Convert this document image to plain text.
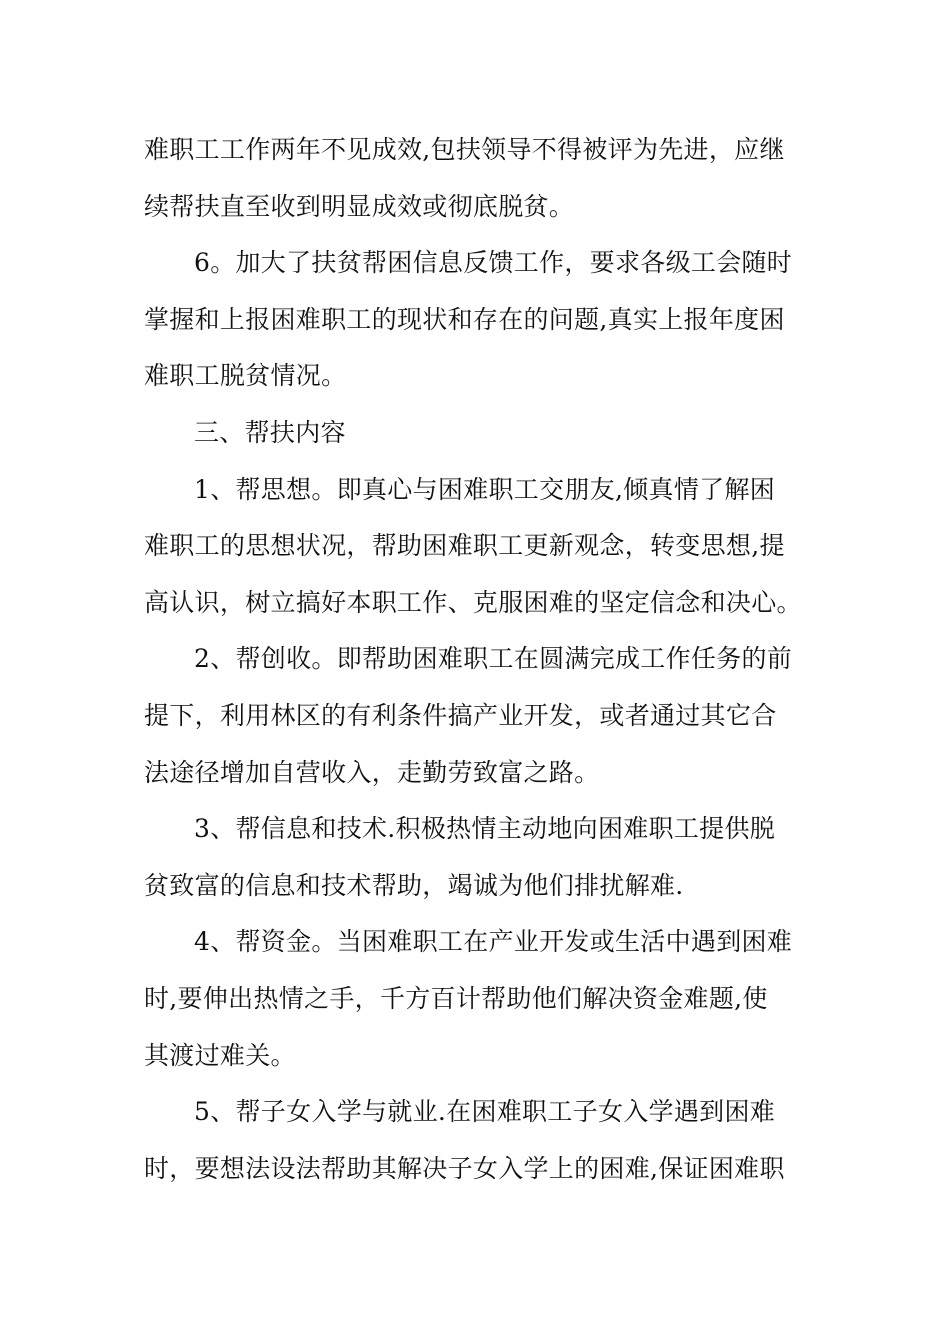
难职工工作两年不见成效,包扶领导不得被评为先进，应继
续帮扶直至收到明显成效或彻底脱贫。
6。加大了扶贫帮困信息反馈工作，要求各级工会随时
掌握和上报困难职工的现状和存在的问题,真实上报年度困
难职工脱贫情况。
三、帮扶内容
1、帮思想。即真心与困难职工交朋友,倾真情了解困
难职工的思想状况，帮助困难职工更新观念，转变思想,提
高认识，树立搞好本职工作、克服困难的坚定信念和决心。
2、帮创收。即帮助困难职工在圆满完成工作任务的前
提下，利用林区的有利条件搞产业开发，或者通过其它合
法途径增加自营收入，走勤劳致富之路。
3、帮信息和技术.积极热情主动地向困难职工提供脱
贫致富的信息和技术帮助，竭诚为他们排扰解难.
4、帮资金。当困难职工在产业开发或生活中遇到困难
时,要伸出热情之手，千方百计帮助他们解决资金难题,使
其渡过难关。
5、帮子女入学与就业.在困难职工子女入学遇到困难
时，要想法设法帮助其解决子女入学上的困难,保证困难职
